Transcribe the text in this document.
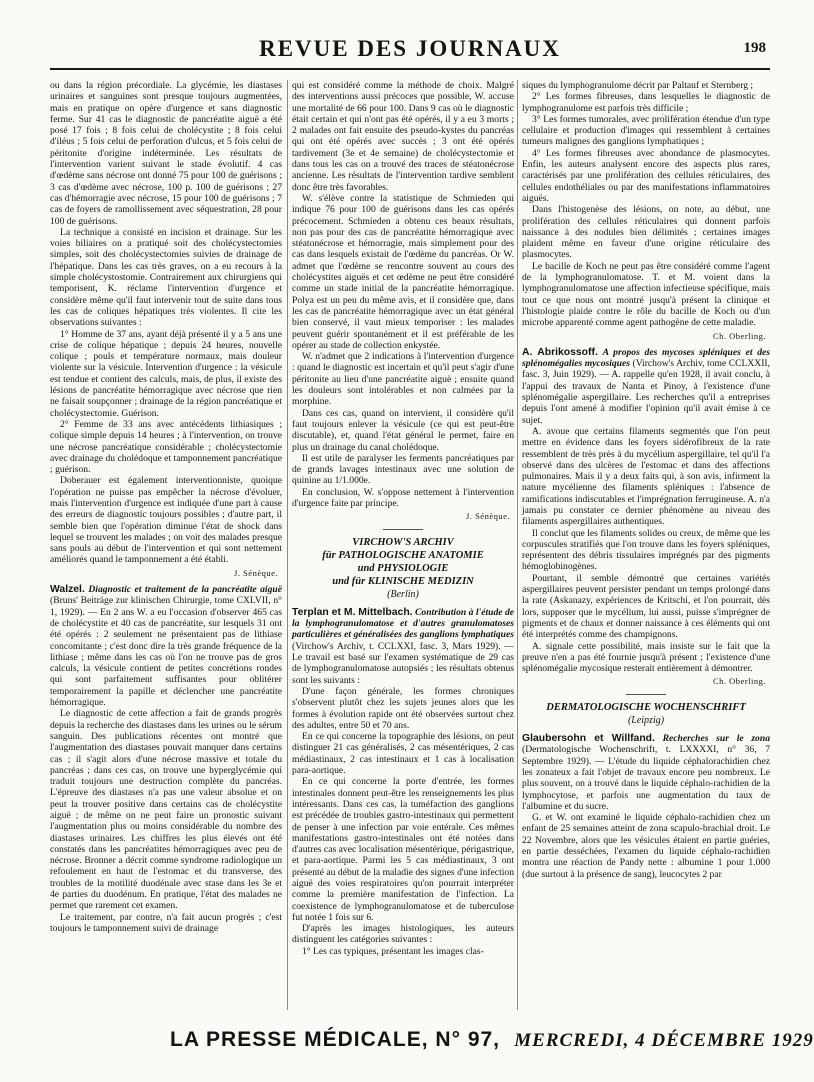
REVUE DES JOURNAUX	198

ou dans la région précordiale. La glycémie, les diastases urinaires et sanguines sont presque toujours augmentées, mais en pratique on opère d'urgence et sans diagnostic ferme. Sur 41 cas le diagnostic de pancréatite aiguë a été posé 17 fois ; 8 fois celui de cholécystite ; 8 fois celui d'iléus ; 5 fois celui de perforation d'ulcus, et 5 fois celui de péritonite d'origine indéterminée. Les résultats de l'intervention varient suivant le stade évolutif. 4 cas d'œdème sans nécrose ont donné 75 pour 100 de guérisons ; 3 cas d'œdème avec nécrose, 100 p. 100 de guérisons ; 27 cas d'hémorragie avec nécrose, 15 pour 100 de guérisons ; 7 cas de foyers de ramollissement avec séquestration, 28 pour 100 de guérisons.

La technique a consisté en incision et drainage. Sur les voies biliaires on a pratiqué soit des cholécystectomies simples, soit des cholécystectomies suivies de drainage de l'hépatique. Dans les cas très graves, on a eu recours à la simple cholécystostomie. Contrairement aux chirurgiens qui temporisent, K. réclame l'intervention d'urgence et considère même qu'il faut intervenir tout de suite dans tous les cas de coliques hépatiques très violentes. Il cite les observations suivantes :

1° Homme de 37 ans, ayant déjà présenté il y a 5 ans une crise de colique hépatique ; depuis 24 heures, nouvelle colique ; pouls et température normaux, mais douleur violente sur la vésicule. Intervention d'urgence : la vésicule est tendue et contient des calculs, mais, de plus, il existe des lésions de pancréatite hémorragique avec nécrose que rien ne faisait soupçonner ; drainage de la région pancréatique et cholécystectomie. Guérison.

2° Femme de 33 ans avec antécédents lithiasiques ; colique simple depuis 14 heures ; à l'intervention, on trouve une nécrose pancréatique considérable ; cholécystectomie avec drainage du cholédoque et tamponnement pancréatique ; guérison.

Doberauer est également interventionniste, quoique l'opération ne puisse pas empêcher la nécrose d'évoluer, mais l'intervention d'urgence est indiquée d'une part à cause des erreurs de diagnostic toujours possibles ; d'autre part, il semble bien que l'opération diminue l'état de shock dans lequel se trouvent les malades ; on voit des malades presque sans pouls au début de l'intervention et qui sont nettement améliorés quand le tamponnement a été établi.

J. Sénèque.

Walzel. Diagnostic et traitement de la pancréatite aiguë (Bruns' Beiträge zur klinischen Chirurgie, tome CXLVII, n° 1, 1929). — En 2 ans W. a eu l'occasion d'observer 465 cas de cholécystite et 40 cas de pancréatite, sur lesquels 31 ont été opérés : 2 seulement ne présentaient pas de lithiase concomitante ; c'est donc dire la très grande fréquence de la lithiase ; même dans les cas où l'on ne trouve pas de gros calculs, la vésicule contient de petites concrétions rondes qui sont parfaitement suffisantes pour oblitérer temporairement la papille et déclencher une pancréatite hémorragique.

Le diagnostic de cette affection a fait de grands progrès depuis la recherche des diastases dans les urines ou le sérum sanguin. Des publications récentes ont montré que l'augmentation des diastases pouvait manquer dans certains cas ; il s'agit alors d'une nécrose massive et totale du pancréas ; dans ces cas, on trouve une hyperglycémie qui traduit toujours une destruction complète du pancréas. L'épreuve des diastases n'a pas une valeur absolue et on peut la trouver positive dans certains cas de cholécystite aiguë ; de même on ne peut faire un pronostic suivant l'augmentation plus ou moins considérable du nombre des diastases urinaires. Les chiffres les plus élevés ont été constatés dans les pancréatites hémorragiques avec peu de nécrose. Bronner a décrit comme syndrome radiologique un refoulement en haut de l'estomac et du transverse, des troubles de la motilité duodénale avec stase dans les 3e et 4e parties du duodénum. En pratique, l'état des malades ne permet que rarement cet examen.

Le traitement, par contre, n'a fait aucun progrès ; c'est toujours le tamponnement suivi de drainage

qui est considéré comme la méthode de choix. Malgré des interventions aussi précoces que possible, W. accuse une mortalité de 66 pour 100. Dans 9 cas où le diagnostic était certain et qui n'ont pas été opérés, il y a eu 3 morts ; 2 malades ont fait ensuite des pseudo-kystes du pancréas qui ont été opérés avec succès ; 3 ont été opérés tardivement (3e et 4e semaine) de cholécystectomie et dans tous les cas on a trouvé des traces de stéatonécrose ancienne. Les résultats de l'intervention tardive semblent donc être très favorables.

W. s'élève contre la statistique de Schmieden qui indique 76 pour 100 de guérisons dans les cas opérés précocement. Schmieden a obtenu ces beaux résultats, non pas pour des cas de pancréatite hémorragique avec stéatonécrose et hémorragie, mais simplement pour des cas dans lesquels existait de l'œdème du pancréas. Or W. admet que l'œdème se rencontre souvent au cours des cholécystites aiguës et cet œdème ne peut être considéré comme un stade initial de la pancréatite hémorragique. Polya est un peu du même avis, et il considère que, dans les cas de pancréatite hémorragique avec un état général bien conservé, il vaut mieux temporiser : les malades peuvent guérir spontanément et il est préférable de les opérer au stade de collection enkystée.

W. n'admet que 2 indications à l'intervention d'urgence : quand le diagnostic est incertain et qu'il peut s'agir d'une péritonite au lieu d'une pancréatite aiguë ; ensuite quand les douleurs sont intolérables et non calmées par la morphine.

Dans ces cas, quand on intervient, il considère qu'il faut toujours enlever la vésicule (ce qui est peut-être discutable), et, quand l'état général le permet, faire en plus un drainage du canal cholédoque.

Il est utile de paralyser les ferments pancréatiques par de grands lavages intestinaux avec une solution de quinine au 1/1.000e.

En conclusion, W. s'oppose nettement à l'intervention d'urgence faite par principe.

J. Sénèque.
VIRCHOW'S ARCHIV
für PATHOLOGISCHE ANATOMIE
und PHYSIOLOGIE
und für KLINISCHE MEDIZIN
(Berlin)

Terplan et M. Mittelbach. Contribution à l'étude de la lymphogranulomatose et d'autres granulomatoses particulières et généralisées des ganglions lymphatiques (Virchow's Archiv, t. CCLXXI, fasc. 3, Mars 1929). — Le travail est basé sur l'examen systématique de 29 cas de lymphogranulomatose autopsiés ; les résultats obtenus sont les suivants :

D'une façon générale, les formes chroniques s'observent plutôt chez les sujets jeunes alors que les formes à évolution rapide ont été observées surtout chez des adultes, entre 50 et 70 ans.

En ce qui concerne la topographie des lésions, on peut distinguer 21 cas généralisés, 2 cas mésentériques, 2 cas médiastinaux, 2 cas intestinaux et 1 cas à localisation para-aortique.

En ce qui concerne la porte d'entrée, les formes intestinales donnent peut-être les renseignements les plus intéressants. Dans ces cas, la tuméfaction des ganglions est précédée de troubles gastro-intestinaux qui permettent de penser à une infection par voie entérale. Ces mêmes manifestations gastro-intestinales ont été notées dans d'autres cas avec localisation mésentérique, périgastrique, et para-aortique. Parmi les 5 cas médiastinaux, 3 ont présenté au début de la maladie des signes d'une infection aiguë des voies respiratoires qu'on pourrait interpréter comme la première manifestation de l'infection. La coexistence de lymphogranulomatose et de tuberculose fut notée 1 fois sur 6.

D'après les images histologiques, les auteurs distinguent les catégories suivantes :

1° Les cas typiques, présentant les images clas-

siques du lymphogranulome décrit par Paltauf et Sternberg ;

2° Les formes fibreuses, dans lesquelles le diagnostic de lymphogranulome est parfois très difficile ;

3° Les formes tumorales, avec prolifération étendue d'un type cellulaire et production d'images qui ressemblent à certaines tumeurs malignes des ganglions lymphatiques ;

4° Les formes fibreuses avec abondance de plasmocytes. Enfin, les auteurs analysent encore des aspects plus rares, caractérisés par une prolifération des cellules réticulaires, des cellules endothéliales ou par des manifestations inflammatoires aiguës.

Dans l'histogenèse des lésions, on note, au début, une prolifération des cellules réticulaires qui donnent parfois naissance à des nodules bien délimités ; certaines images plaident même en faveur d'une origine réticulaire des plasmocytes.

Le bacille de Koch ne peut pas être considéré comme l'agent de la lymphogranulomatose. T. et M. voient dans la lymphogranulomatose une affection infectieuse spécifique, mais tout ce que nous ont montré jusqu'à présent la clinique et l'histologie plaide contre le rôle du bacille de Koch ou d'un microbe apparenté comme agent pathogène de cette maladie.

Ch. Oberling.

A. Abrikossoff. A propos des mycoses spléniques et des splénomégalies mycosiques (Virchow's Archiv, tome CCLXXII, fasc. 3, Juin 1929). — A. rappelle qu'en 1928, il avait conclu, à l'appui des travaux de Nanta et Pinoy, à l'existence d'une splénomégalie aspergillaire. Les recherches qu'il a entreprises depuis l'ont amené à modifier l'opinion qu'il avait émise à ce sujet.

A. avoue que certains filaments segmentés que l'on peut mettre en évidence dans les foyers sidérofibreux de la rate ressemblent de très près à du mycélium aspergillaire, tel qu'il l'a observé dans des ulcères de l'estomac et dans des affections pulmonaires. Mais il y a deux faits qui, à son avis, infirment la nature mycélienne des filaments spléniques : l'absence de ramifications indiscutables et l'imprégnation ferrugineuse. A. n'a jamais pu constater ce dernier phénomène au niveau des filaments aspergillaires authentiques.

Il conclut que les filaments solides ou creux, de même que les corpuscules stratifiés que l'on trouve dans les foyers spléniques, représentent des débris tissulaires imprégnés par des pigments hémoglobinogènes.

Pourtant, il semble démontré que certaines variétés aspergillaires peuvent persister pendant un temps prolongé dans la rate (Askanazy, expériences de Kritschi, et l'on pourrait, dès lors, supposer que le mycélium, lui aussi, puisse s'imprégner de pigments et de chaux et donner naissance à ces éléments qui ont été interprétés comme des champignons.

A. signale cette possibilité, mais insiste sur le fait que la preuve n'en a pas été fournie jusqu'à présent ; l'existence d'une splénomégalie mycosique resterait entièrement à démontrer.

Ch. Oberling.
DERMATOLOGISCHE WOCHENSCHRIFT
(Leipzig)

Glaubersohn et Willfand. Recherches sur le zona (Dermatologische Wochenschrift, t. LXXXXI, n° 36, 7 Septembre 1929). — L'étude du liquide céphalorachidien chez les zonateux a fait l'objet de travaux encore peu nombreux. Le plus souvent, on a trouvé dans le liquide céphalo-rachidien de la lymphocytose, et parfois une augmentation du taux de l'albumine et du sucre.

G. et W. ont examiné le liquide céphalo-rachidien chez un enfant de 25 semaines atteint de zona scapulo-brachial droit. Le 22 Novembre, alors que les vésicules étaient en partie guéries, en partie desséchées, l'examen du liquide céphalo-rachidien montra une réaction de Pandy nette : albumine 1 pour 1.000 (due surtout à la présence de sang), leucocytes 2 par

LA PRESSE MÉDICALE, N° 97, MERCREDI, 4 DÉCEMBRE 1929
